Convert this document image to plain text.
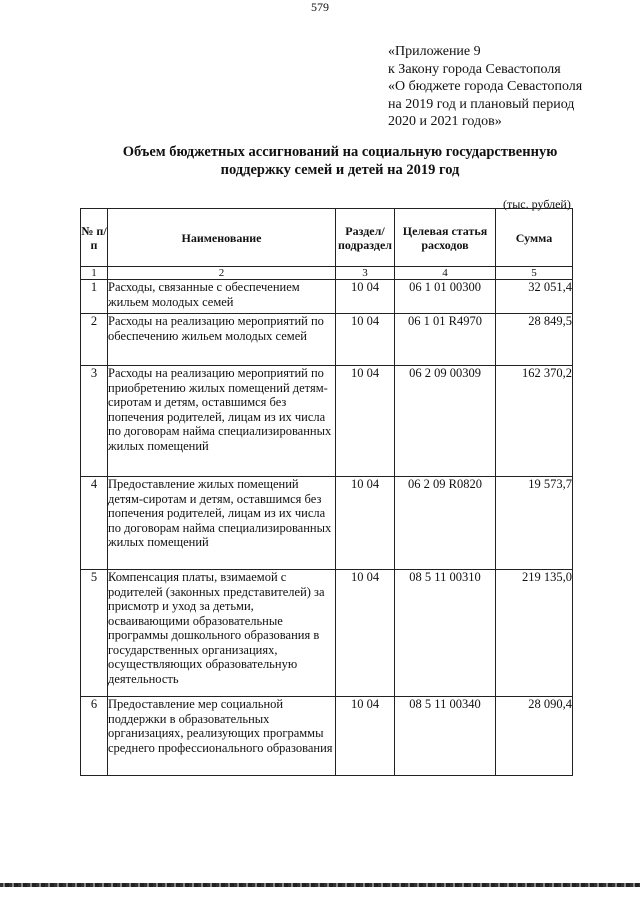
579
«Приложение 9
к Закону города Севастополя
«О бюджете города Севастополя
на 2019 год и плановый период
2020 и 2021 годов»
Объем бюджетных ассигнований на социальную государственную
поддержку семей и детей на 2019 год
(тыс. рублей)
№ п/п	Наименование	Раздел/ подраздел	Целевая статья расходов	Сумма
1	2	3	4	5
1	Расходы, связанные с обеспечением жильем молодых семей	10 04	06 1 01 00300	32 051,4
2	Расходы на реализацию мероприятий по обеспечению жильем молодых семей	10 04	06 1 01 R4970	28 849,5
3	Расходы на реализацию мероприятий по приобретению жилых помещений детям-сиротам и детям, оставшимся без попечения родителей, лицам из их числа по договорам найма специализированных жилых помещений	10 04	06 2 09 00309	162 370,2
4	Предоставление жилых помещений детям-сиротам и детям, оставшимся без попечения родителей, лицам из их числа по договорам найма специализированных жилых помещений	10 04	06 2 09 R0820	19 573,7
5	Компенсация платы, взимаемой с родителей (законных представителей) за присмотр и уход за детьми, осваивающими образовательные программы дошкольного образования в государственных организациях, осуществляющих образовательную деятельность	10 04	08 5 11 00310	219 135,0
6	Предоставление мер социальной поддержки в образовательных организациях, реализующих программы среднего профессионального образования	10 04	08 5 11 00340	28 090,4
